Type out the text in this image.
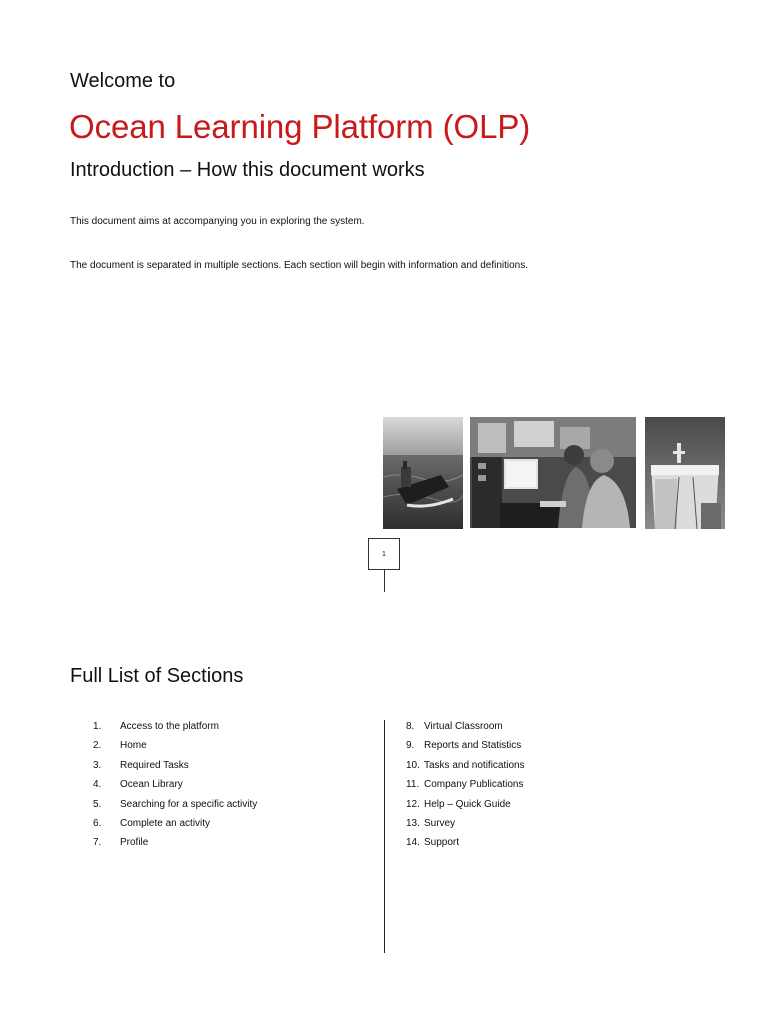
Welcome to
Ocean Learning Platform (OLP)
Introduction – How this document works
This document aims at accompanying you in exploring the system.
The document is separated in multiple sections. Each section will begin with information and definitions.
1
Full List of Sections
1. Access to the platform
2. Home
3. Required Tasks
4. Ocean Library
5. Searching for a specific activity
6. Complete an activity
7. Profile
8. Virtual Classroom
9. Reports and Statistics
10. Tasks and notifications
11. Company Publications
12. Help – Quick Guide
13. Survey
14. Support
